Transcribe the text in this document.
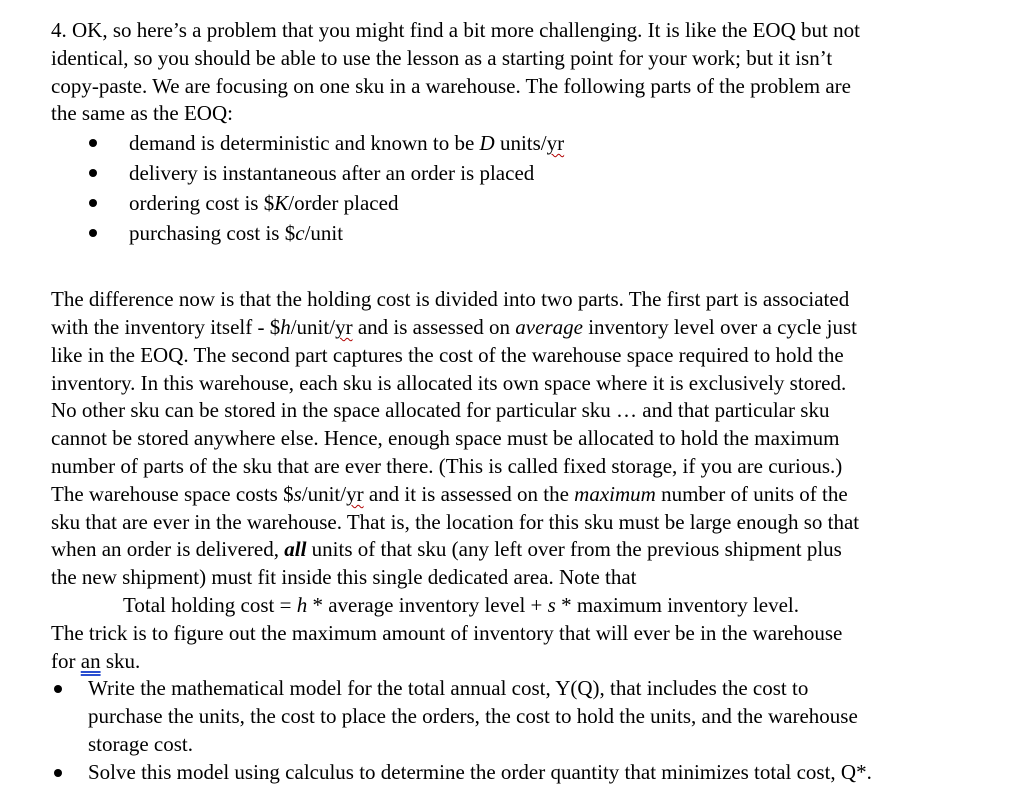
4. OK, so here’s a problem that you might find a bit more challenging. It is like the EOQ but not
identical, so you should be able to use the lesson as a starting point for your work; but it isn’t
copy-paste. We are focusing on one sku in a warehouse. The following parts of the problem are
the same as the EOQ:
demand is deterministic and known to be D units/yr
delivery is instantaneous after an order is placed
ordering cost is $K/order placed
purchasing cost is $c/unit
The difference now is that the holding cost is divided into two parts. The first part is associated
with the inventory itself - $h/unit/yr and is assessed on average inventory level over a cycle just
like in the EOQ. The second part captures the cost of the warehouse space required to hold the
inventory. In this warehouse, each sku is allocated its own space where it is exclusively stored.
No other sku can be stored in the space allocated for particular sku … and that particular sku
cannot be stored anywhere else. Hence, enough space must be allocated to hold the maximum
number of parts of the sku that are ever there. (This is called fixed storage, if you are curious.)
The warehouse space costs $s/unit/yr and it is assessed on the maximum number of units of the
sku that are ever in the warehouse. That is, the location for this sku must be large enough so that
when an order is delivered, all units of that sku (any left over from the previous shipment plus
the new shipment) must fit inside this single dedicated area. Note that
Total holding cost = h * average inventory level + s * maximum inventory level.
The trick is to figure out the maximum amount of inventory that will ever be in the warehouse
for an sku.
Write the mathematical model for the total annual cost, Y(Q), that includes the cost to
purchase the units, the cost to place the orders, the cost to hold the units, and the warehouse
storage cost.
Solve this model using calculus to determine the order quantity that minimizes total cost, Q*.
